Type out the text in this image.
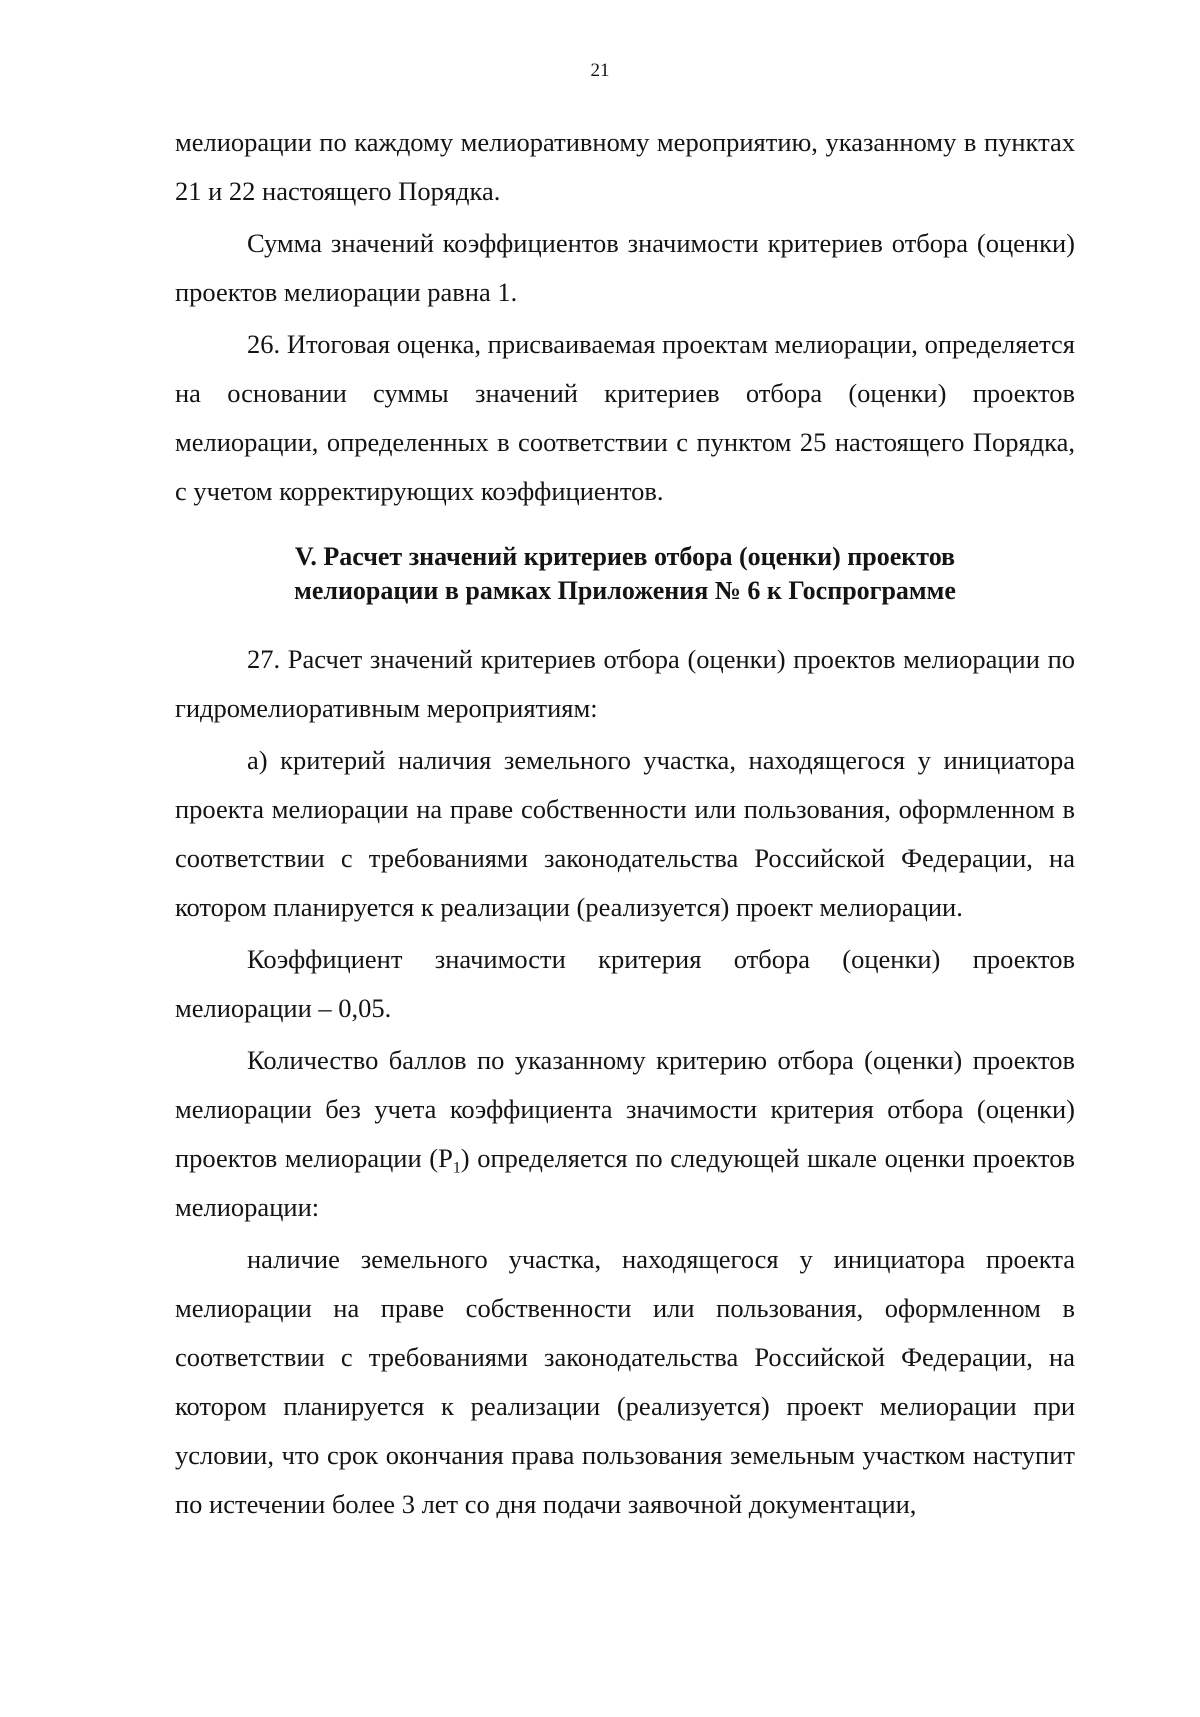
21

мелиорации по каждому мелиоративному мероприятию, указанному в пунктах 21 и 22 настоящего Порядка.

Сумма значений коэффициентов значимости критериев отбора (оценки) проектов мелиорации равна 1.

26. Итоговая оценка, присваиваемая проектам мелиорации, определяется на основании суммы значений критериев отбора (оценки) проектов мелиорации, определенных в соответствии с пунктом 25 настоящего Порядка, с учетом корректирующих коэффициентов.

V. Расчет значений критериев отбора (оценки) проектов
мелиорации в рамках Приложения № 6 к Госпрограмме

27. Расчет значений критериев отбора (оценки) проектов мелиорации по гидромелиоративным мероприятиям:

а) критерий наличия земельного участка, находящегося у инициатора проекта мелиорации на праве собственности или пользования, оформленном в соответствии с требованиями законодательства Российской Федерации, на котором планируется к реализации (реализуется) проект мелиорации.

Коэффициент значимости критерия отбора (оценки) проектов мелиорации – 0,05.

Количество баллов по указанному критерию отбора (оценки) проектов мелиорации без учета коэффициента значимости критерия отбора (оценки) проектов мелиорации $(P_1)$ определяется по следующей шкале оценки проектов мелиорации:

наличие земельного участка, находящегося у инициатора проекта мелиорации на праве собственности или пользования, оформленном в соответствии с требованиями законодательства Российской Федерации, на котором планируется к реализации (реализуется) проект мелиорации при условии, что срок окончания права пользования земельным участком наступит по истечении более 3 лет со дня подачи заявочной документации,
